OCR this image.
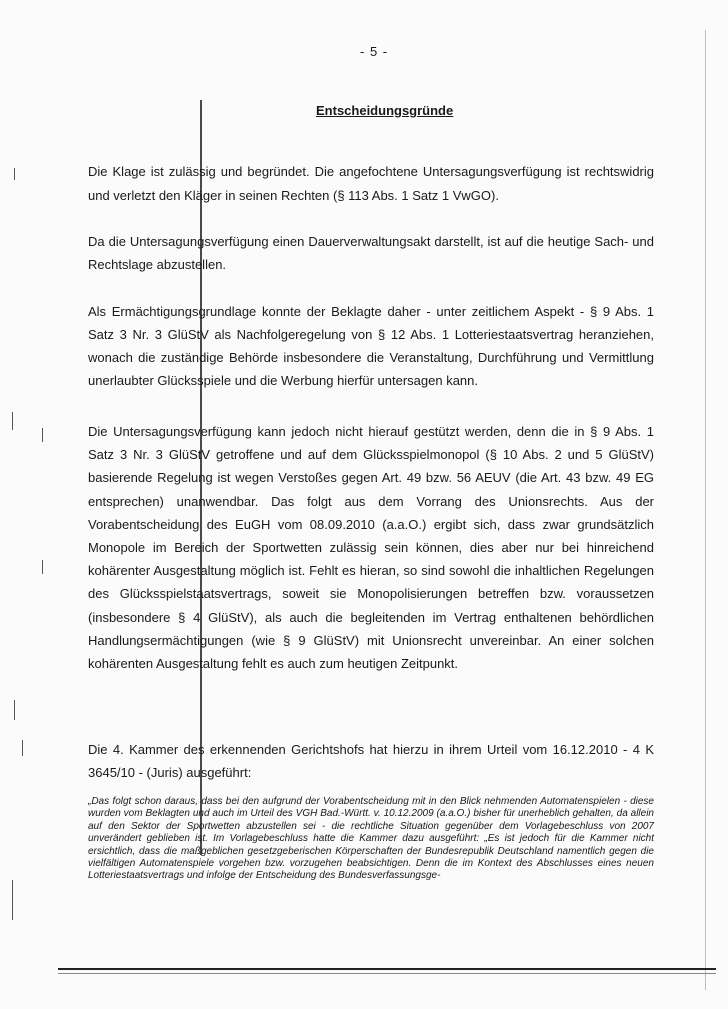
- 5 -
Entscheidungsgründe

Die Klage ist zulässig und begründet. Die angefochtene Untersagungsverfügung ist rechtswidrig und verletzt den Kläger in seinen Rechten (§ 113 Abs. 1 Satz 1 VwGO).

Da die Untersagungsverfügung einen Dauerverwaltungsakt darstellt, ist auf die heutige Sach- und Rechtslage abzustellen.

Als Ermächtigungsgrundlage konnte der Beklagte daher - unter zeitlichem Aspekt - § 9 Abs. 1 Satz 3 Nr. 3 GlüStV als Nachfolgeregelung von § 12 Abs. 1 Lotteriestaatsvertrag heranziehen, wonach die zuständige Behörde insbesondere die Veranstaltung, Durchführung und Vermittlung unerlaubter Glücksspiele und die Werbung hierfür untersagen kann.

Die Untersagungsverfügung kann jedoch nicht hierauf gestützt werden, denn die in § 9 Abs. 1 Satz 3 Nr. 3 GlüStV getroffene und auf dem Glücksspielmonopol (§ 10 Abs. 2 und 5 GlüStV) basierende Regelung ist wegen Verstoßes gegen Art. 49 bzw. 56 AEUV (die Art. 43 bzw. 49 EG entsprechen) unanwendbar. Das folgt aus dem Vorrang des Unionsrechts. Aus der Vorabentscheidung des EuGH vom 08.09.2010 (a.a.O.) ergibt sich, dass zwar grundsätzlich Monopole im Bereich der Sportwetten zulässig sein können, dies aber nur bei hinreichend kohärenter Ausgestaltung möglich ist. Fehlt es hieran, so sind sowohl die inhaltlichen Regelungen des Glücksspielstaatsvertrags, soweit sie Monopolisierungen betreffen bzw. voraussetzen (insbesondere § 4 GlüStV), als auch die begleitenden im Vertrag enthaltenen behördlichen Handlungsermächtigungen (wie § 9 GlüStV) mit Unionsrecht unvereinbar. An einer solchen kohärenten Ausgestaltung fehlt es auch zum heutigen Zeitpunkt.

Die 4. Kammer des erkennenden Gerichtshofs hat hierzu in ihrem Urteil vom 16.12.2010 - 4 K 3645/10 - (Juris) ausgeführt:

„Das folgt schon daraus, dass bei den aufgrund der Vorabentscheidung mit in den Blick nehmenden Automatenspielen - diese wurden vom Beklagten und auch im Urteil des VGH Bad.-Württ. v. 10.12.2009 (a.a.O.) bisher für unerheblich gehalten, da allein auf den Sektor der Sportwetten abzustellen sei - die rechtliche Situation gegenüber dem Vorlagebeschluss von 2007 unverändert geblieben ist. Im Vorlagebeschluss hatte die Kammer dazu ausgeführt: „Es ist jedoch für die Kammer nicht ersichtlich, dass die maßgeblichen gesetzgeberischen Körperschaften der Bundesrepublik Deutschland namentlich gegen die vielfältigen Automatenspiele vorgehen bzw. vorzugehen beabsichtigen. Denn die im Kontext des Abschlusses eines neuen Lotteriestaatsvertrags und infolge der Entscheidung des Bundesverfassungsge-
